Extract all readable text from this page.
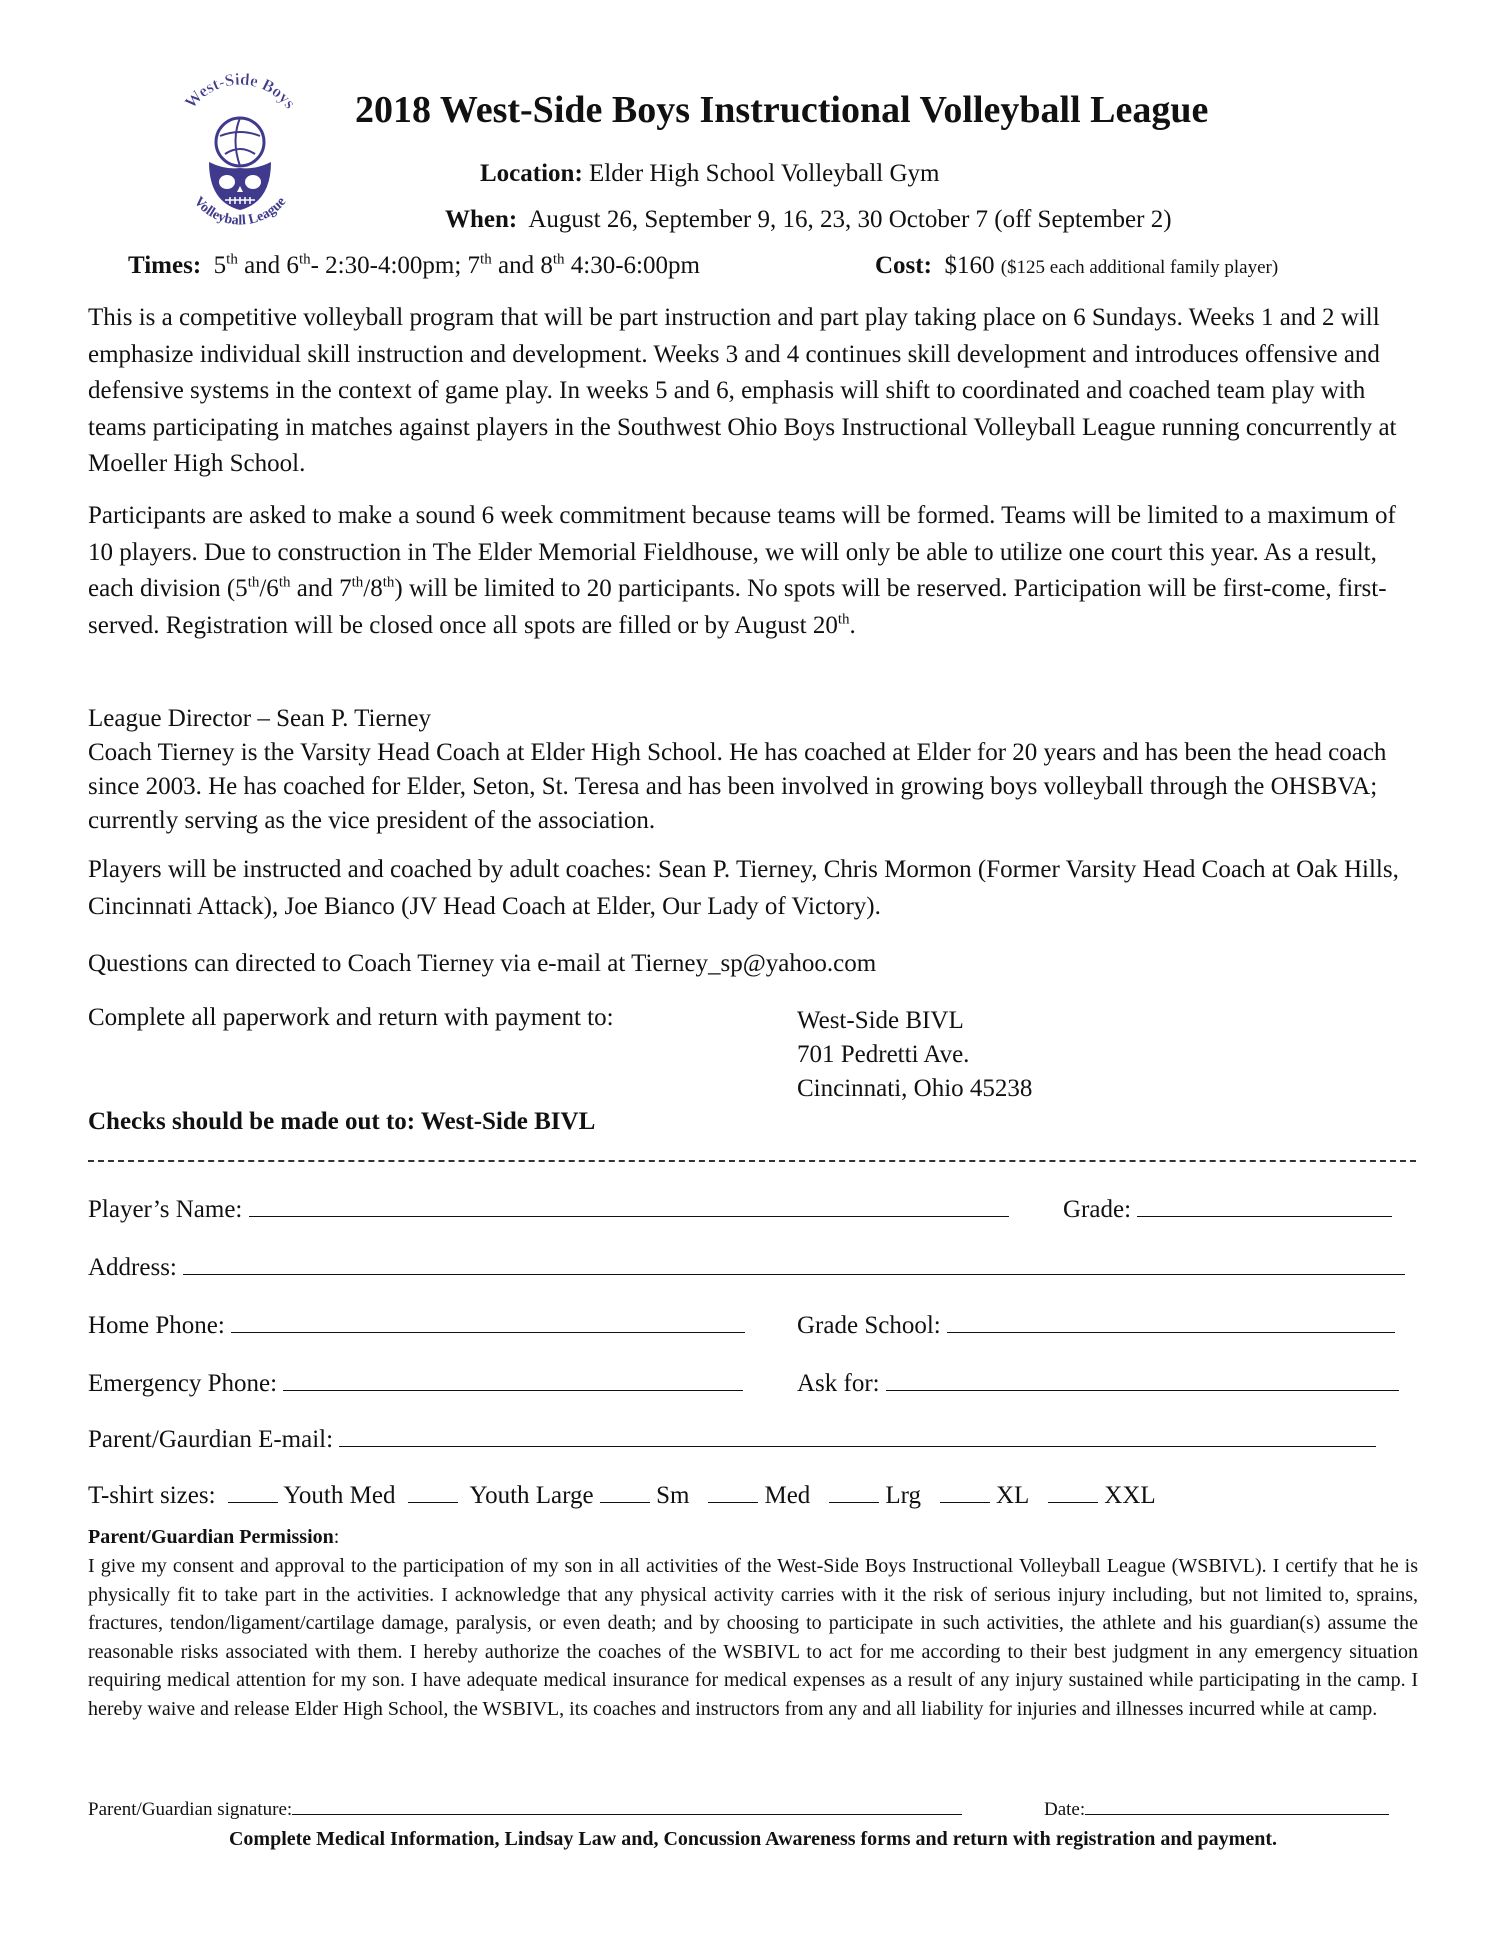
West-Side Boys
Volleyball League
2018 West-Side Boys Instructional Volleyball League
Location: Elder High School Volleyball Gym
When: August 26, September 9, 16, 23, 30 October 7 (off September 2)
Times: 5th and 6th- 2:30-4:00pm; 7th and 8th 4:30-6:00pm	Cost: $160 ($125 each additional family player)

This is a competitive volleyball program that will be part instruction and part play taking place on 6 Sundays. Weeks 1 and 2 will emphasize individual skill instruction and development. Weeks 3 and 4 continues skill development and introduces offensive and defensive systems in the context of game play. In weeks 5 and 6, emphasis will shift to coordinated and coached team play with teams participating in matches against players in the Southwest Ohio Boys Instructional Volleyball League running concurrently at Moeller High School.

Participants are asked to make a sound 6 week commitment because teams will be formed. Teams will be limited to a maximum of 10 players. Due to construction in The Elder Memorial Fieldhouse, we will only be able to utilize one court this year. As a result, each division (5th/6th and 7th/8th) will be limited to 20 participants. No spots will be reserved. Participation will be first-come, first-served. Registration will be closed once all spots are filled or by August 20th.

League Director – Sean P. Tierney

Coach Tierney is the Varsity Head Coach at Elder High School. He has coached at Elder for 20 years and has been the head coach since 2003. He has coached for Elder, Seton, St. Teresa and has been involved in growing boys volleyball through the OHSBVA; currently serving as the vice president of the association.

Players will be instructed and coached by adult coaches: Sean P. Tierney, Chris Mormon (Former Varsity Head Coach at Oak Hills, Cincinnati Attack), Joe Bianco (JV Head Coach at Elder, Our Lady of Victory).

Questions can directed to Coach Tierney via e-mail at Tierney_sp@yahoo.com

Complete all paperwork and return with payment to:	West-Side BIVL
701 Pedretti Ave.
Cincinnati, Ohio 45238
Checks should be made out to: West-Side BIVL
Player’s Name:	Grade:
Address:
Home Phone:	Grade School:
Emergency Phone:	Ask for:
Parent/Gaurdian E-mail:
T-shirt sizes:	Youth Med	Youth Large	Sm	Med	Lrg	XL	XXL
Parent/Guardian Permission:

I give my consent and approval to the participation of my son in all activities of the West-Side Boys Instructional Volleyball League (WSBIVL). I certify that he is physically fit to take part in the activities. I acknowledge that any physical activity carries with it the risk of serious injury including, but not limited to, sprains, fractures, tendon/ligament/cartilage damage, paralysis, or even death; and by choosing to participate in such activities, the athlete and his guardian(s) assume the reasonable risks associated with them. I hereby authorize the coaches of the WSBIVL to act for me according to their best judgment in any emergency situation requiring medical attention for my son. I have adequate medical insurance for medical expenses as a result of any injury sustained while participating in the camp. I hereby waive and release Elder High School, the WSBIVL, its coaches and instructors from any and all liability for injuries and illnesses incurred while at camp.

Parent/Guardian signature:	Date:
Complete Medical Information, Lindsay Law and, Concussion Awareness forms and return with registration and payment.
